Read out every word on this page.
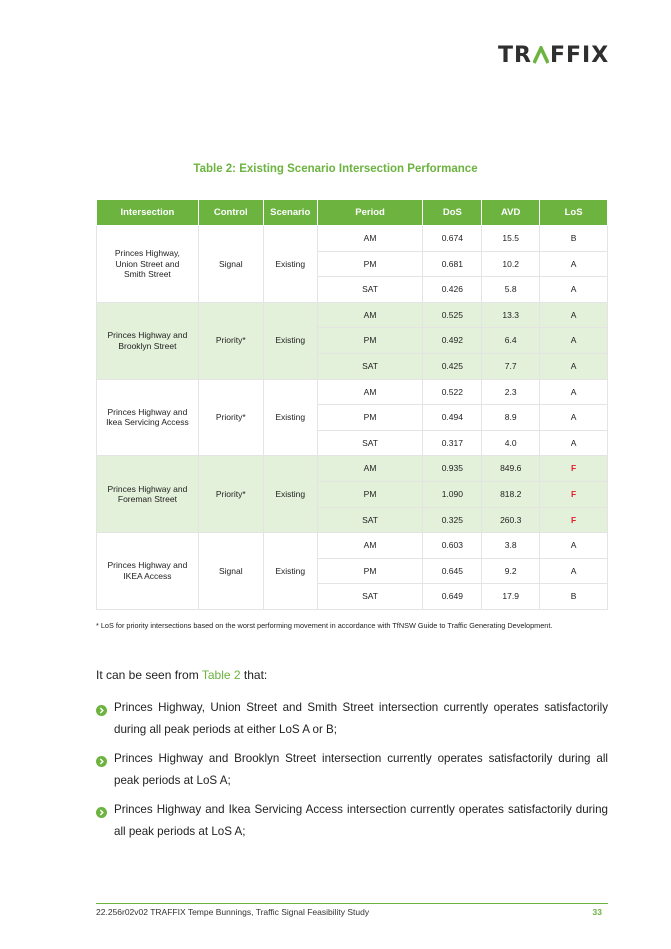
TR FFIX
Table 2: Existing Scenario Intersection Performance
Intersection	Control	Scenario	Period	DoS	AVD	LoS
Princes Highway, Union Street and Smith Street	Signal	Existing	AM	0.674	15.5	B
			PM	0.681	10.2	A
			SAT	0.426	5.8	A
Princes Highway and Brooklyn Street	Priority*	Existing	AM	0.525	13.3	A
			PM	0.492	6.4	A
			SAT	0.425	7.7	A
Princes Highway and Ikea Servicing Access	Priority*	Existing	AM	0.522	2.3	A
			PM	0.494	8.9	A
			SAT	0.317	4.0	A
Princes Highway and Foreman Street	Priority*	Existing	AM	0.935	849.6	F
			PM	1.090	818.2	F
			SAT	0.325	260.3	F
Princes Highway and IKEA Access	Signal	Existing	AM	0.603	3.8	A
			PM	0.645	9.2	A
			SAT	0.649	17.9	B
* LoS for priority intersections based on the worst performing movement in accordance with TfNSW Guide to Traffic Generating Development.
It can be seen from Table 2 that:
Princes Highway, Union Street and Smith Street intersection currently operates satisfactorily during all peak periods at either LoS A or B;
Princes Highway and Brooklyn Street intersection currently operates satisfactorily during all peak periods at LoS A;
Princes Highway and Ikea Servicing Access intersection currently operates satisfactorily during all peak periods at LoS A;
22.256r02v02 TRAFFIX Tempe Bunnings, Traffic Signal Feasibility Study	33
